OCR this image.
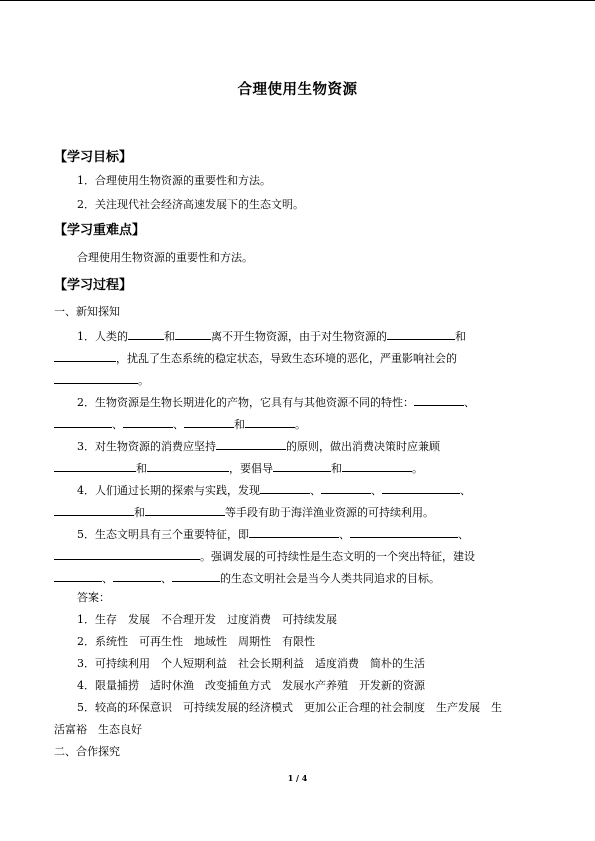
合理使用生物资源
【学习目标】
1．合理使用生物资源的重要性和方法。
2．关注现代社会经济高速发展下的生态文明。
【学习重难点】
合理使用生物资源的重要性和方法。
【学习过程】
一、新知探知
1．人类的	和	离不开生物资源，由于对生物资源的	和
，扰乱了生态系统的稳定状态，导致生态环境的恶化，严重影响社会的
。
2．生物资源是生物长期进化的产物，它具有与其他资源不同的特性：	、
、	、	和	。
3．对生物资源的消费应坚持	的原则，做出消费决策时应兼顾
和	，要倡导	和	。
4．人们通过长期的探索与实践，发现	、	、	、
和	等手段有助于海洋渔业资源的可持续利用。
5．生态文明具有三个重要特征，即	、	、
。强调发展的可持续性是生态文明的一个突出特征，建设
、	、	的生态文明社会是当今人类共同追求的目标。
答案：
1．生存　发展　不合理开发　过度消费　可持续发展
2．系统性　可再生性　地域性　周期性　有限性
3．可持续利用　个人短期利益　社会长期利益　适度消费　简朴的生活
4．限量捕捞　适时休渔　改变捕鱼方式　发展水产养殖　开发新的资源
5．较高的环保意识　可持续发展的经济模式　更加公正合理的社会制度　生产发展　生
活富裕　生态良好
二、合作探究
1 / 4
